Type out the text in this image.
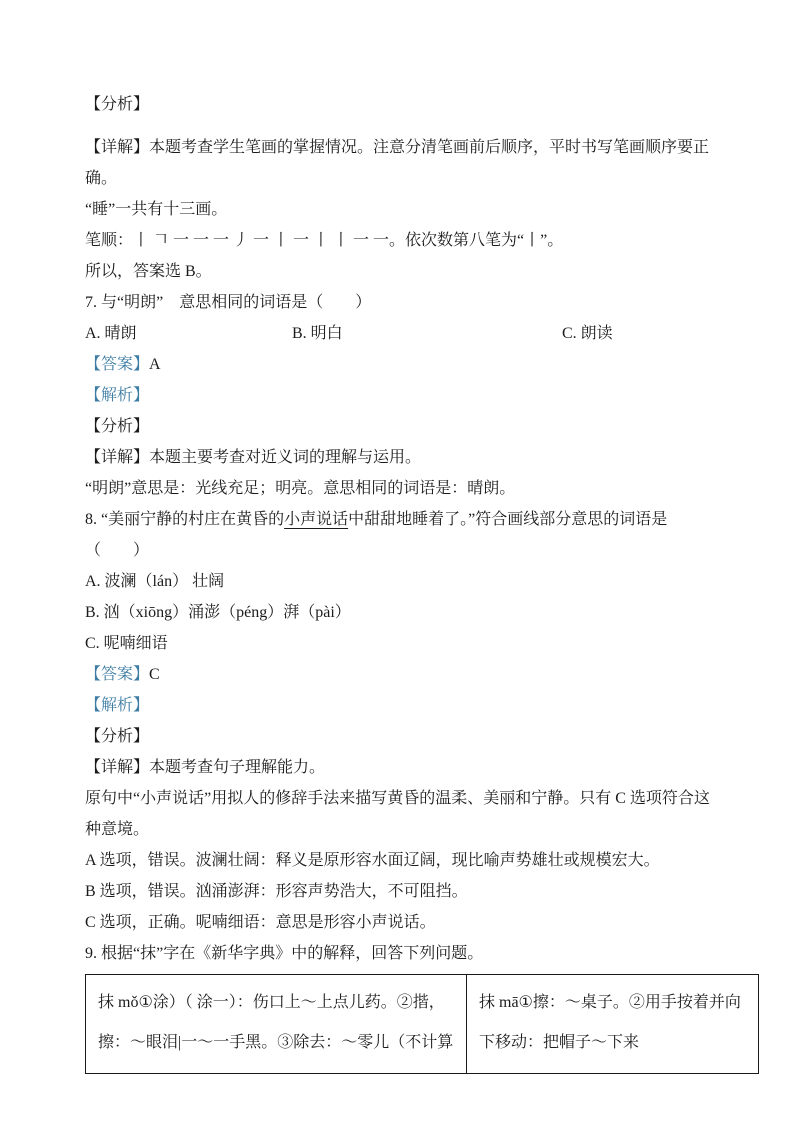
【分析】

【详解】本题考查学生笔画的掌握情况。注意分清笔画前后顺序，平时书写笔画顺序要正确。

“睡”一共有十三画。

笔顺：丨 𠃍 一 一 一 丿 一 丨 一 丨 丨 一 一。依次数第八笔为“丨”。

所以，答案选 B。

7. 与“明朗”　意思相同的词语是（　　）

A. 晴朗	B. 明白	C. 朗读

【答案】A

【解析】

【分析】

【详解】本题主要考查对近义词的理解与运用。

“明朗”意思是：光线充足；明亮。意思相同的词语是：晴朗。

8. “美丽宁静的村庄在黄昏的小声说话中甜甜地睡着了。”符合画线部分意思的词语是

（　　）

A. 波澜（lán） 壮阔

B. 汹（xiōng）涌澎（péng）湃（pài）

C. 呢喃细语

【答案】C

【解析】

【分析】

【详解】本题考查句子理解能力。

原句中“小声说话”用拟人的修辞手法来描写黄昏的温柔、美丽和宁静。只有 C 选项符合这种意境。

A 选项，错误。波澜壮阔：释义是原形容水面辽阔，现比喻声势雄壮或规模宏大。

B 选项，错误。汹涌澎湃：形容声势浩大，不可阻挡。

C 选项，正确。呢喃细语：意思是形容小声说话。

9. 根据“抹”字在《新华字典》中的解释，回答下列问题。

抹 mǒ①涂）（ 涂一）：伤口上～上点儿药。②揩，擦：～眼泪|一～一手黑。③除去：～零儿（不计算	抹 mā①擦：～桌子。②用手按着并向下移动：把帽子～下来
